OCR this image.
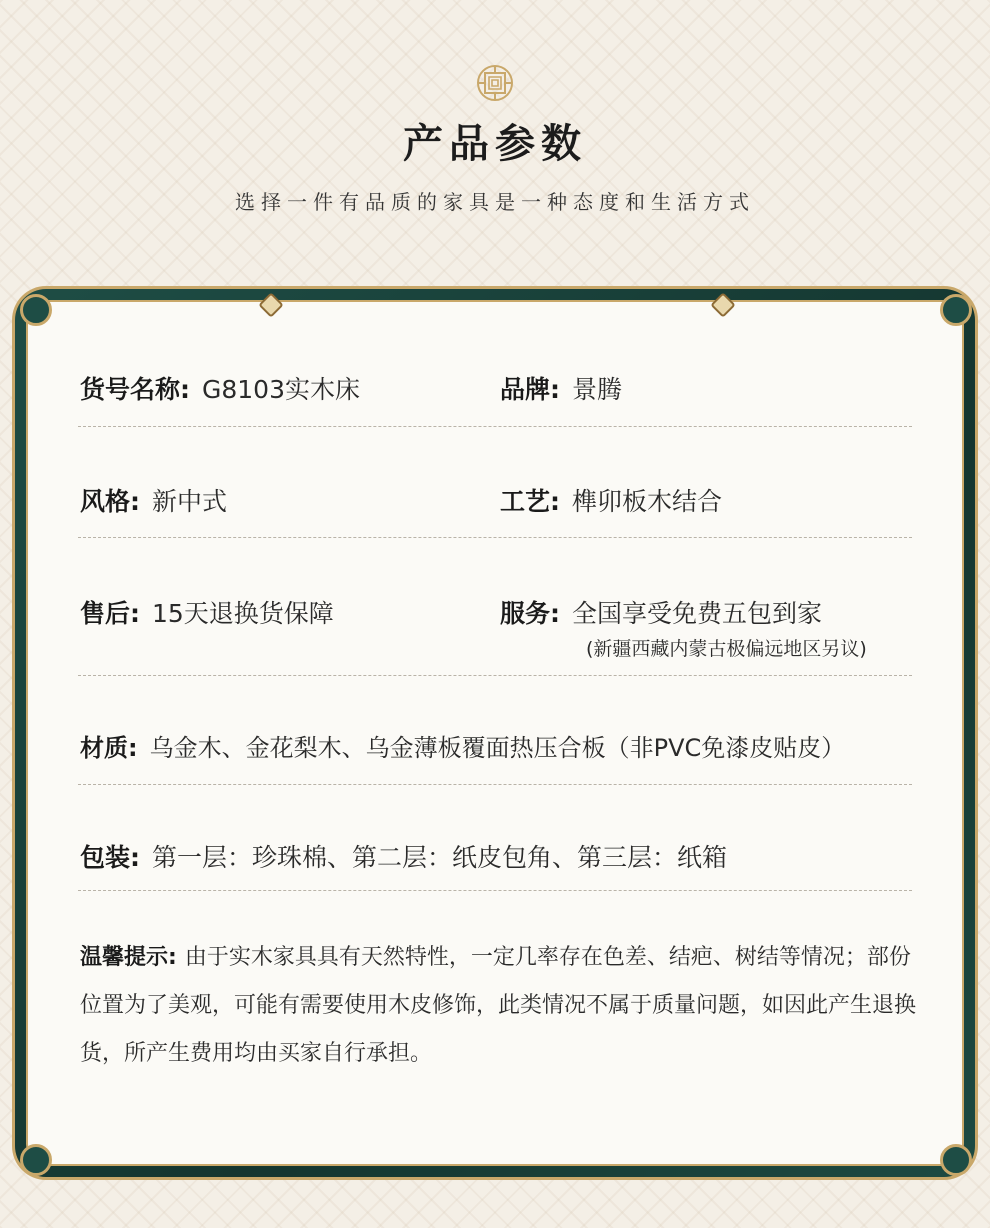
产品参数
选择一件有品质的家具是一种态度和生活方式
货号名称: G8103实木床	品牌: 景腾
风格: 新中式	工艺: 榫卯板木结合
售后: 15天退换货保障	服务: 全国享受免费五包到家
(新疆西藏内蒙古极偏远地区另议)
材质: 乌金木、金花梨木、乌金薄板覆面热压合板（非PVC免漆皮贴皮）
包装: 第一层：珍珠棉、第二层：纸皮包角、第三层：纸箱
温馨提示: 由于实木家具具有天然特性，一定几率存在色差、结疤、树结等情况；部份位置为了美观，可能有需要使用木皮修饰，此类情况不属于质量问题，如因此产生退换货，所产生费用均由买家自行承担。
